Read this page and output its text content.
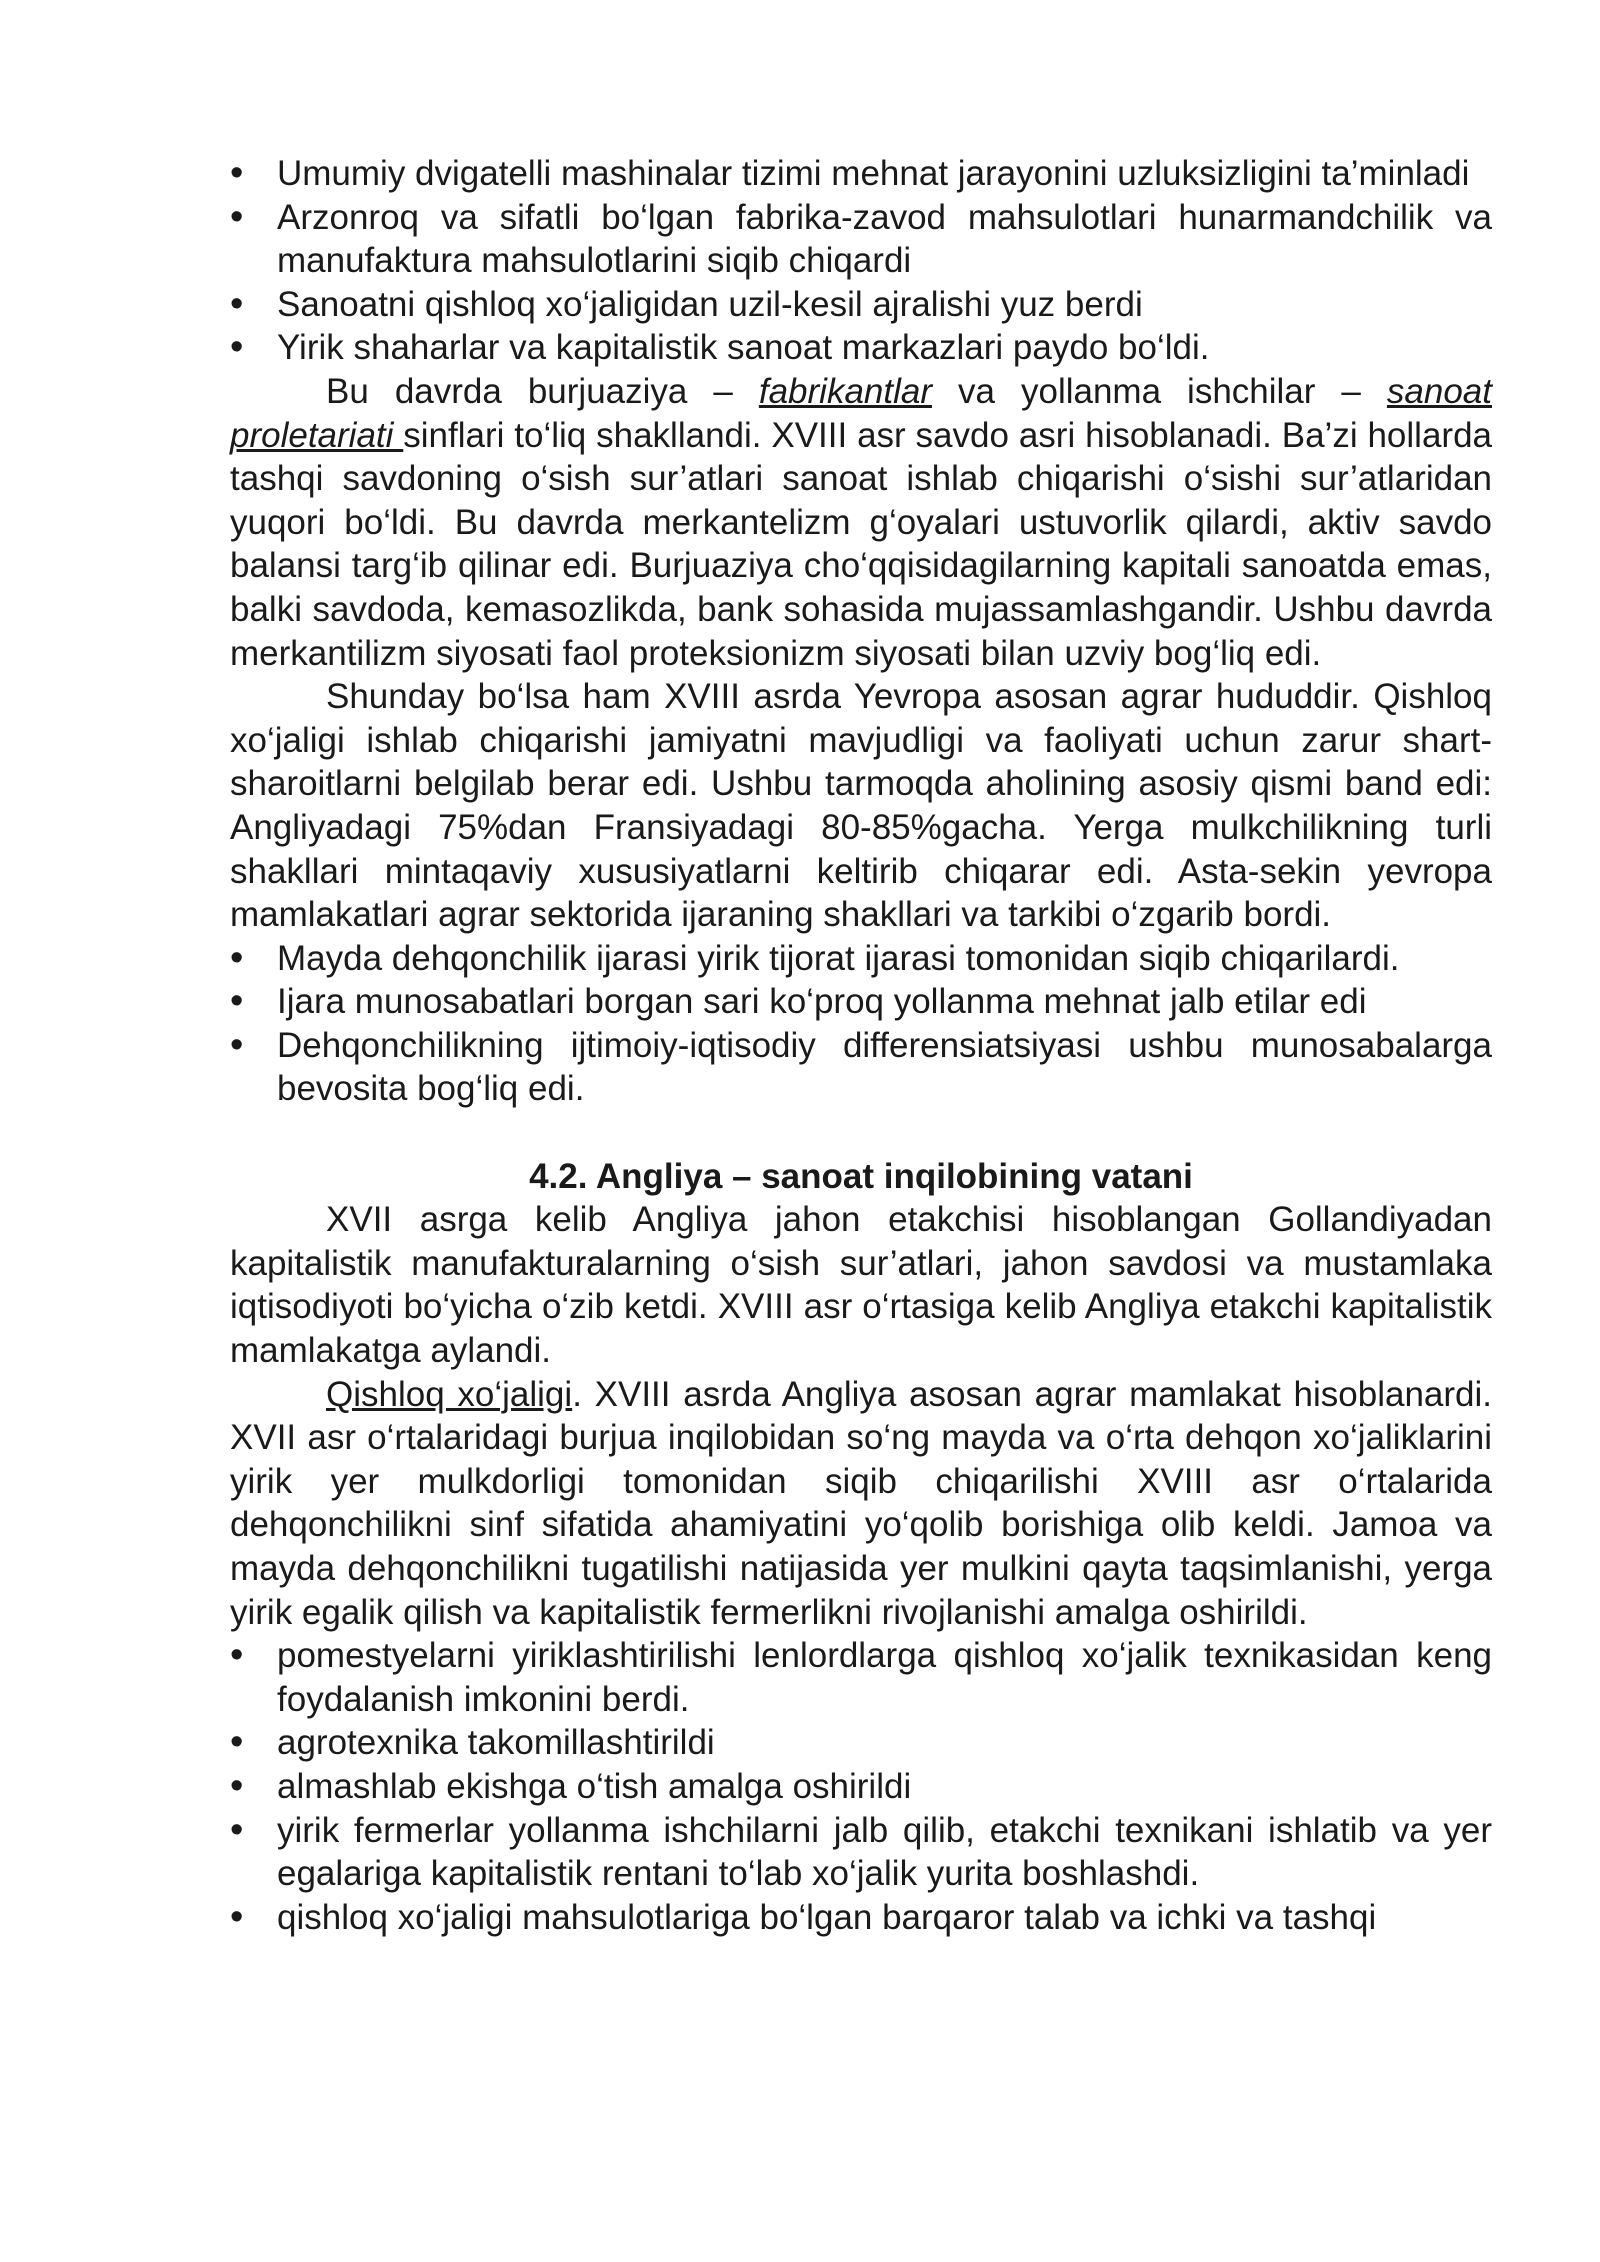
• Umumiy dvigatelli mashinalar tizimi mehnat jarayonini uzluksizligini ta’minladi
• Arzonroq va sifatli bo‘lgan fabrika-zavod mahsulotlari hunarmandchilik va manufaktura mahsulotlarini siqib chiqardi
• Sanoatni qishloq xo‘jaligidan uzil-kesil ajralishi yuz berdi
• Yirik shaharlar va kapitalistik sanoat markazlari paydo bo‘ldi.

Bu davrda burjuaziya – fabrikantlar va yollanma ishchilar – sanoat proletariati sinflari to‘liq shakllandi. XVIII asr savdo asri hisoblanadi. Ba’zi hollarda tashqi savdoning o‘sish sur’atlari sanoat ishlab chiqarishi o‘sishi sur’atlaridan yuqori bo‘ldi. Bu davrda merkantelizm g‘oyalari ustuvorlik qilardi, aktiv savdo balansi targ‘ib qilinar edi. Burjuaziya cho‘qqisidagilarning kapitali sanoatda emas, balki savdoda, kemasozlikda, bank sohasida mujassamlashgandir. Ushbu davrda merkantilizm siyosati faol proteksionizm siyosati bilan uzviy bog‘liq edi.

Shunday bo‘lsa ham XVIII asrda Yevropa asosan agrar hududdir. Qishloq xo‘jaligi ishlab chiqarishi jamiyatni mavjudligi va faoliyati uchun zarur shart-sharoitlarni belgilab berar edi. Ushbu tarmoqda aholining asosiy qismi band edi: Angliyadagi 75%dan Fransiyadagi 80-85%gacha. Yerga mulkchilikning turli shakllari mintaqaviy xususiyatlarni keltirib chiqarar edi. Asta-sekin yevropa mamlakatlari agrar sektorida ijaraning shakllari va tarkibi o‘zgarib bordi.

• Mayda dehqonchilik ijarasi yirik tijorat ijarasi tomonidan siqib chiqarilardi.
• Ijara munosabatlari borgan sari ko‘proq yollanma mehnat jalb etilar edi
• Dehqonchilikning ijtimoiy-iqtisodiy differensiatsiyasi ushbu munosabalarga bevosita bog‘liq edi.
4.2. Angliya – sanoat inqilobining vatani

XVII asrga kelib Angliya jahon etakchisi hisoblangan Gollandiyadan kapitalistik manufakturalarning o‘sish sur’atlari, jahon savdosi va mustamlaka iqtisodiyoti bo‘yicha o‘zib ketdi. XVIII asr o‘rtasiga kelib Angliya etakchi kapitalistik mamlakatga aylandi.

Qishloq xo‘jaligi. XVIII asrda Angliya asosan agrar mamlakat hisoblanardi. XVII asr o‘rtalaridagi burjua inqilobidan so‘ng mayda va o‘rta dehqon xo‘jaliklarini yirik yer mulkdorligi tomonidan siqib chiqarilishi XVIII asr o‘rtalarida dehqonchilikni sinf sifatida ahamiyatini yo‘qolib borishiga olib keldi. Jamoa va mayda dehqonchilikni tugatilishi natijasida yer mulkini qayta taqsimlanishi, yerga yirik egalik qilish va kapitalistik fermerlikni rivojlanishi amalga oshirildi.

• pomestyelarni yiriklashtirilishi lenlordlarga qishloq xo‘jalik texnikasidan keng foydalanish imkonini berdi.
• agrotexnika takomillashtirildi
• almashlab ekishga o‘tish amalga oshirildi
• yirik fermerlar yollanma ishchilarni jalb qilib, etakchi texnikani ishlatib va yer egalariga kapitalistik rentani to‘lab xo‘jalik yurita boshlashdi.
• qishloq xo‘jaligi mahsulotlariga bo‘lgan barqaror talab va ichki va tashqi
